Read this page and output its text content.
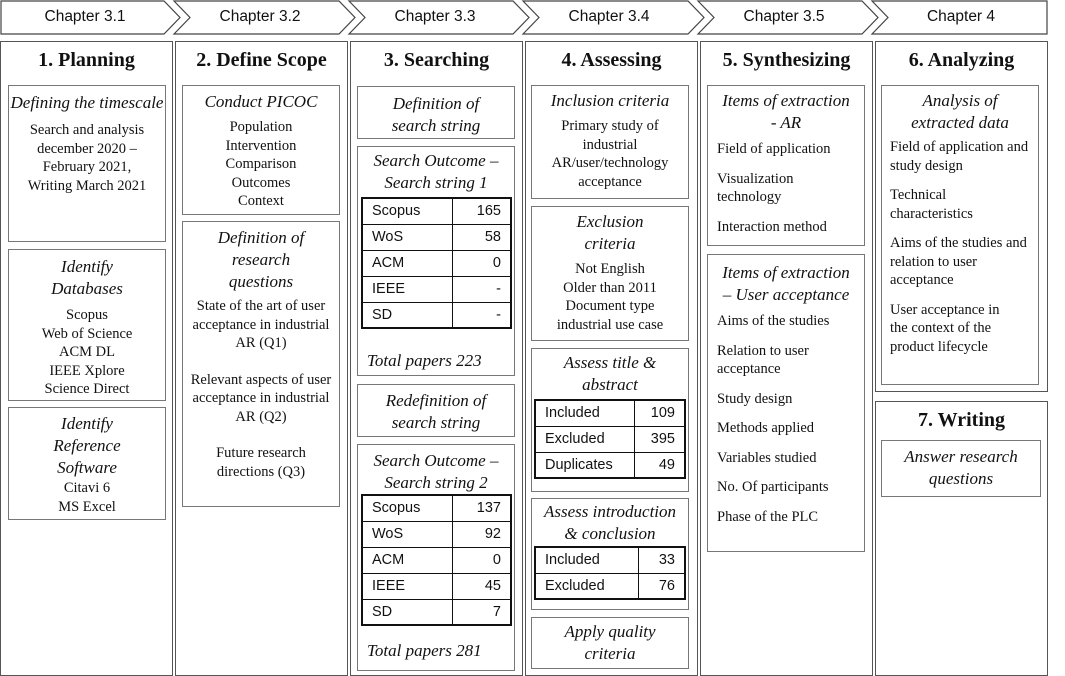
Chapter 3.1	Chapter 3.2	Chapter 3.3	Chapter 3.4	Chapter 3.5	Chapter 4
1. Planning
Defining the timescale
Search and analysis
december 2020 –
February 2021,
Writing March 2021
Identify Databases
Scopus
Web of Science
ACM DL
IEEE Xplore
Science Direct
Identify Reference Software
Citavi 6
MS Excel
2. Define Scope
Conduct PICOC
Population
Intervention
Comparison
Outcomes
Context
Definition of research questions
State of the art of user acceptance in industrial AR (Q1)
Relevant aspects of user acceptance in industrial AR (Q2)
Future research directions (Q3)
3. Searching
Definition of search string
Search Outcome – Search string 1
Scopus	165
WoS	58
ACM	0
IEEE	-
SD	-
Total papers 223
Redefinition of search string
Search Outcome – Search string 2
Scopus	137
WoS	92
ACM	0
IEEE	45
SD	7
Total papers 281
4. Assessing
Inclusion criteria
Primary study of
industrial
AR/user/technology
acceptance
Exclusion criteria
Not English
Older than 2011
Document type
industrial use case
Assess title & abstract
Included	109
Excluded	395
Duplicates	49
Assess introduction & conclusion
Included	33
Excluded	76
Apply quality criteria
5. Synthesizing
Items of extraction - AR
Field of application
Visualization technology
Interaction method
Items of extraction – User acceptance
Aims of the studies
Relation to user acceptance
Study design
Methods applied
Variables studied
No. Of participants
Phase of the PLC
6. Analyzing
Analysis of extracted data
Field of application and study design
Technical characteristics
Aims of the studies and relation to user acceptance
User acceptance in the context of the product lifecycle
7. Writing
Answer research questions
